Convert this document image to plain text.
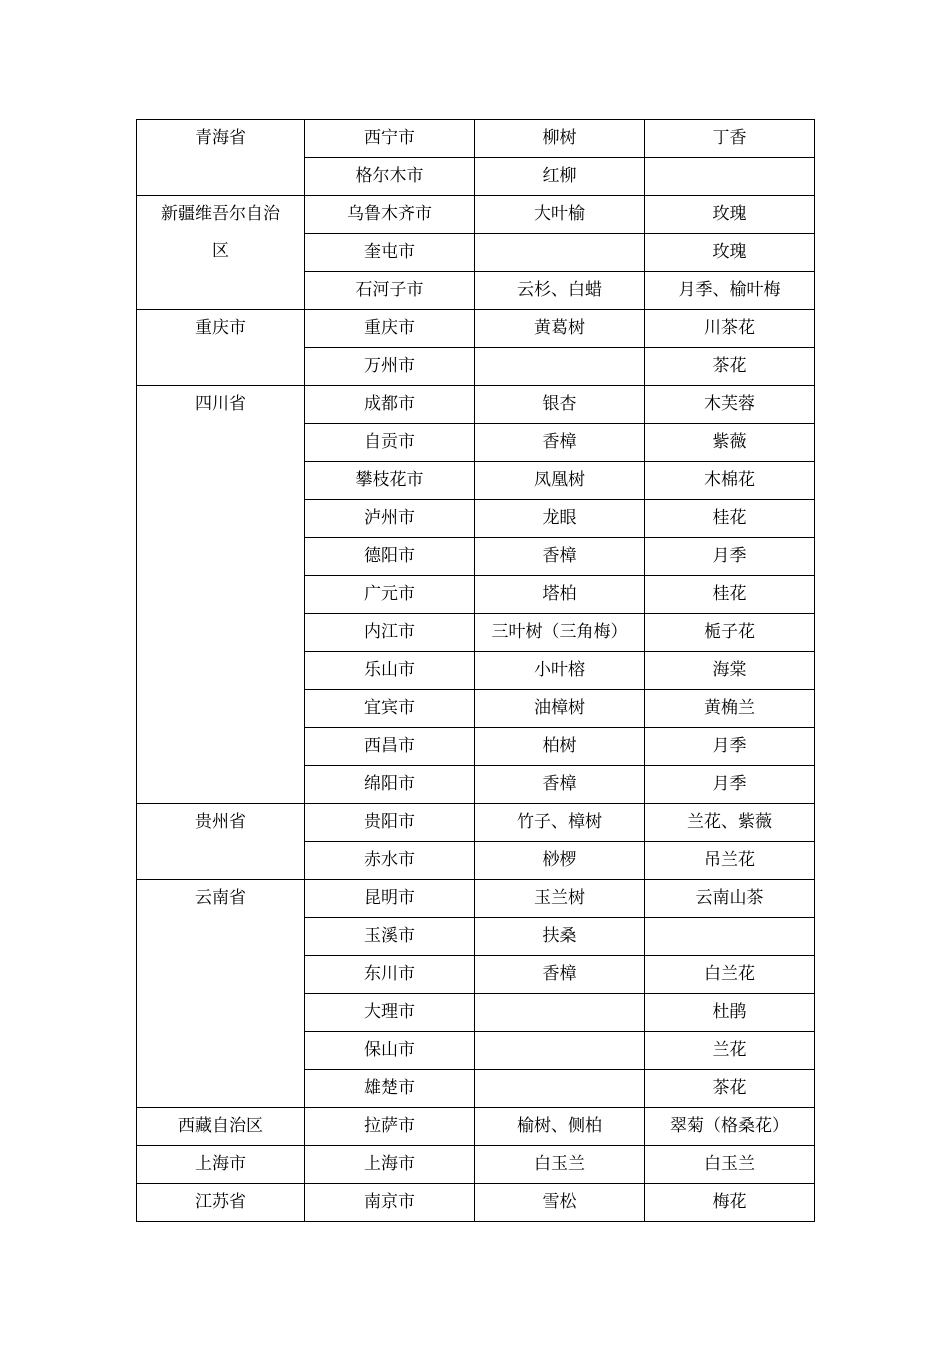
青海省	西宁市	柳树	丁香
	格尔木市	红柳	

新疆维吾尔自治
区	乌鲁木齐市	大叶榆	玫瑰
	奎屯市		玫瑰
	石河子市	云杉、白蜡	月季、榆叶梅
重庆市	重庆市	黄葛树	川茶花
	万州市		茶花
四川省	成都市	银杏	木芙蓉
	自贡市	香樟	紫薇
	攀枝花市	凤凰树	木棉花
	泸州市	龙眼	桂花
	德阳市	香樟	月季
	广元市	塔柏	桂花
	内江市	三叶树（三角梅）	栀子花
	乐山市	小叶榕	海棠
	宜宾市	油樟树	黄桷兰
	西昌市	柏树	月季
	绵阳市	香樟	月季
贵州省	贵阳市	竹子、樟树	兰花、紫薇
	赤水市	桫椤	吊兰花
云南省	昆明市	玉兰树	云南山茶
	玉溪市	扶桑	
	东川市	香樟	白兰花
	大理市		杜鹃
	保山市		兰花
	雄楚市		茶花
西藏自治区	拉萨市	榆树、侧柏	翠菊（格桑花）
上海市	上海市	白玉兰	白玉兰
江苏省	南京市	雪松	梅花
